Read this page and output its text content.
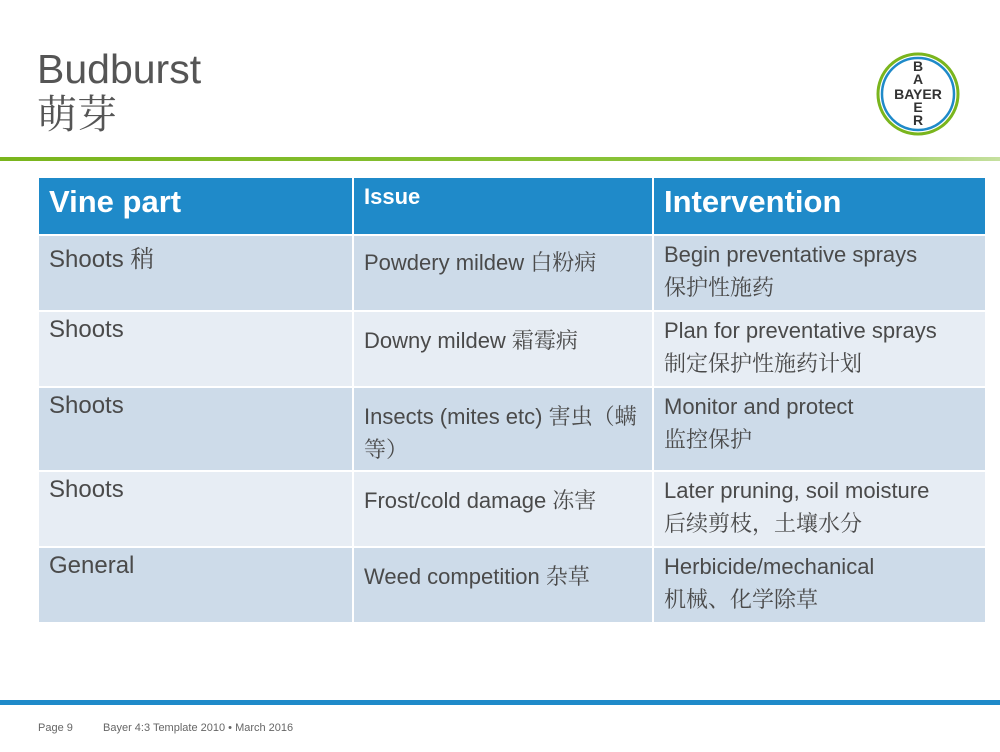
Budburst
萌芽
B
A
BAYER
E
R
Vine part	Issue	Intervention

Shoots 稍	Powdery mildew 白粉病	Begin preventative sprays
保护性施药

Shoots	Downy mildew 霜霉病	Plan for preventative sprays
制定保护性施药计划

Shoots	Insects (mites etc) 害虫（螨等）	Monitor and protect
监控保护

Shoots	Frost/cold damage 冻害	Later pruning, soil moisture
后续剪枝，土壤水分

General	Weed competition 杂草	Herbicide/mechanical
机械、化学除草
Page 9	Bayer 4:3 Template 2010 • March 2016
